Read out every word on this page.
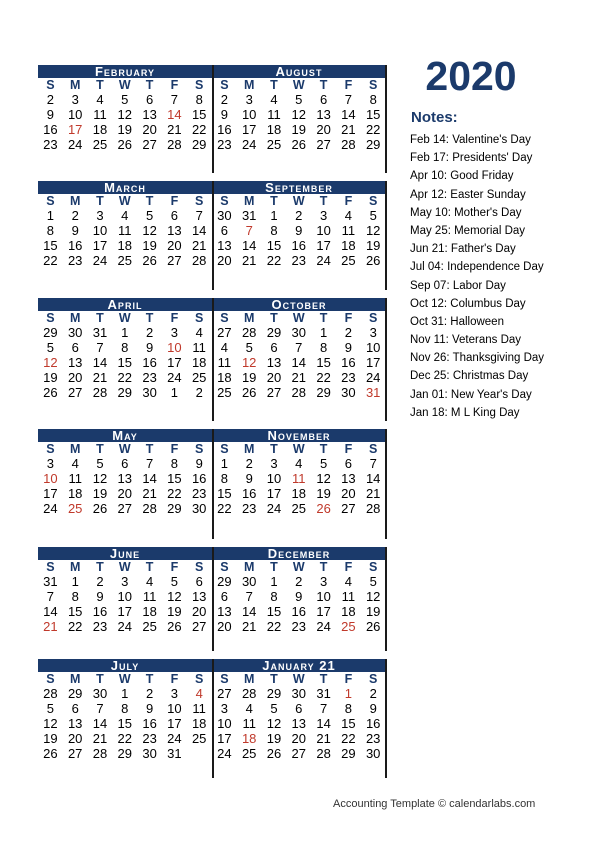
2020
Notes:
Feb 14: Valentine's Day
Feb 17: Presidents' Day
Apr 10: Good Friday
Apr 12: Easter Sunday
May 10: Mother's Day
May 25: Memorial Day
Jun 21: Father's Day
Jul 04: Independence Day
Sep 07: Labor Day
Oct 12: Columbus Day
Oct 31: Halloween
Nov 11: Veterans Day
Nov 26: Thanksgiving Day
Dec 25: Christmas Day
Jan 01: New Year's Day
Jan 18: M L King Day
Accounting Template © calendarlabs.com
February
S	M	T	W	T	F	S
2	3	4	5	6	7	8
9	10 11 12 13 14 15
16 17 18 19 20 21 22
23 24 25 26 27 28 29
August
S	M	T	W	T	F	S
2	3	4	5	6	7	8
9	10 11 12 13 14 15
16 17 18 19 20 21 22
23 24 25 26 27 28 29
March
S	M	T	W	T	F	S
1	2	3	4	5	6	7
8	9	10 11 12 13 14
15 16 17 18 19 20 21
22 23 24 25 26 27 28
September
S	M	T	W	T	F	S
30 31	1	2	3	4	5
6	7	8	9	10 11 12
13 14 15 16 17 18 19
20 21 22 23 24 25 26
April
S	M	T	W	T	F	S
29 30 31	1	2	3	4
5	6	7	8	9	10 11
12 13 14 15 16 17 18
19 20 21 22 23 24 25
26 27 28 29 30	1	2
October
S	M	T	W	T	F	S
27 28 29 30	1	2	3
4	5	6	7	8	9	10
11 12 13 14 15 16 17
18 19 20 21 22 23 24
25 26 27 28 29 30 31
May
S	M	T	W	T	F	S
3	4	5	6	7	8	9
10 11 12 13 14 15 16
17 18 19 20 21 22 23
24 25 26 27 28 29 30
November
S	M	T	W	T	F	S
1	2	3	4	5	6	7
8	9	10 11 12 13 14
15 16 17 18 19 20 21
22 23 24 25 26 27 28
June
S	M	T	W	T	F	S
31	1	2	3	4	5	6
7	8	9	10 11 12 13
14 15 16 17 18 19 20
21 22 23 24 25 26 27
December
S	M	T	W	T	F	S
29 30	1	2	3	4	5
6	7	8	9	10 11 12
13 14 15 16 17 18 19
20 21 22 23 24 25 26
July
S	M	T	W	T	F	S
28 29 30	1	2	3	4
5	6	7	8	9	10 11
12 13 14 15 16 17 18
19 20 21 22 23 24 25
26 27 28 29 30 31
January 21
S	M	T	W	T	F	S
27 28 29 30 31	1	2
3	4	5	6	7	8	9
10 11 12 13 14 15 16
17 18 19 20 21 22 23
24 25 26 27 28 29 30
